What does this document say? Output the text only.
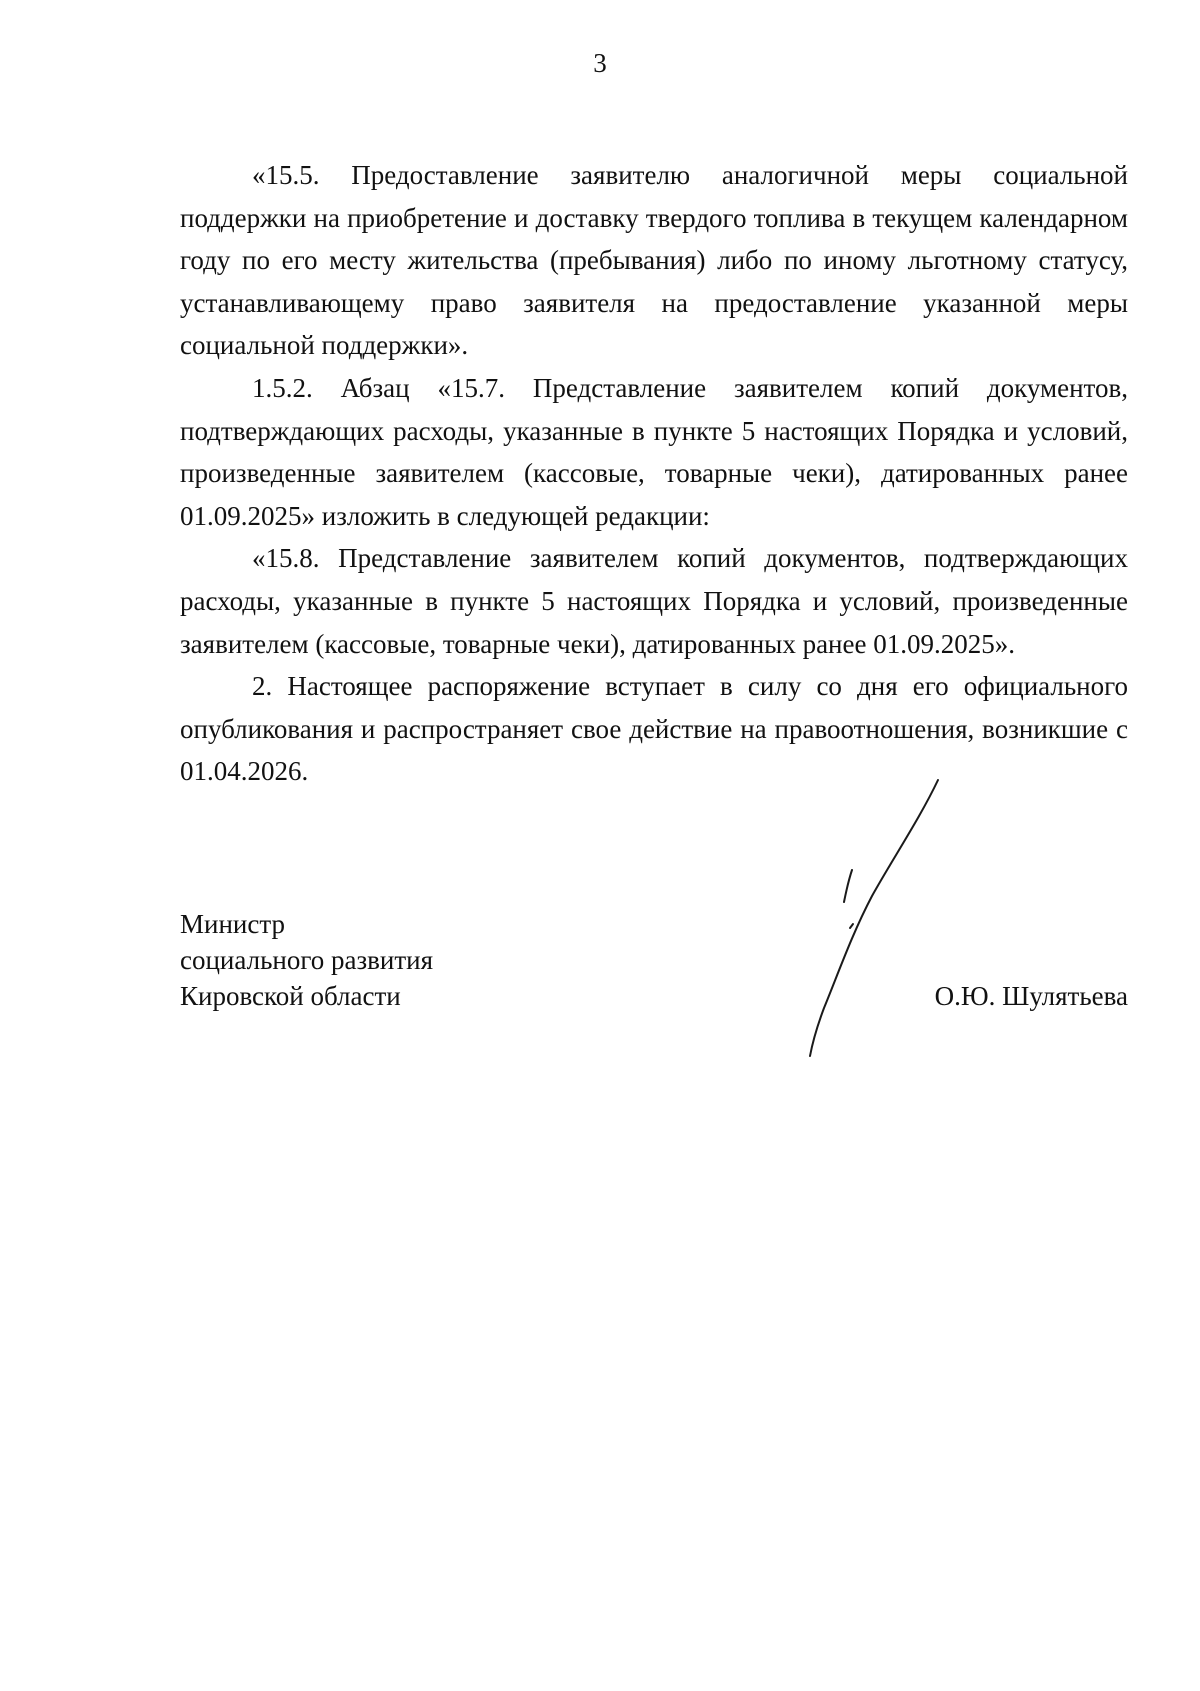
3

«15.5. Предоставление заявителю аналогичной меры социальной поддержки на приобретение и доставку твердого топлива в текущем календарном году по его месту жительства (пребывания) либо по иному льготному статусу, устанавливающему право заявителя на предоставление указанной меры социальной поддержки».

1.5.2. Абзац «15.7. Представление заявителем копий документов, подтверждающих расходы, указанные в пункте 5 настоящих Порядка и условий, произведенные заявителем (кассовые, товарные чеки), датированных ранее 01.09.2025» изложить в следующей редакции:

«15.8. Представление заявителем копий документов, подтверждающих расходы, указанные в пункте 5 настоящих Порядка и условий, произведенные заявителем (кассовые, товарные чеки), датированных ранее 01.09.2025».

2. Настоящее распоряжение вступает в силу со дня его официального опубликования и распространяет свое действие на правоотношения, возникшие с 01.04.2026.

Министр
социального развития
Кировской области	О.Ю. Шулятьева
